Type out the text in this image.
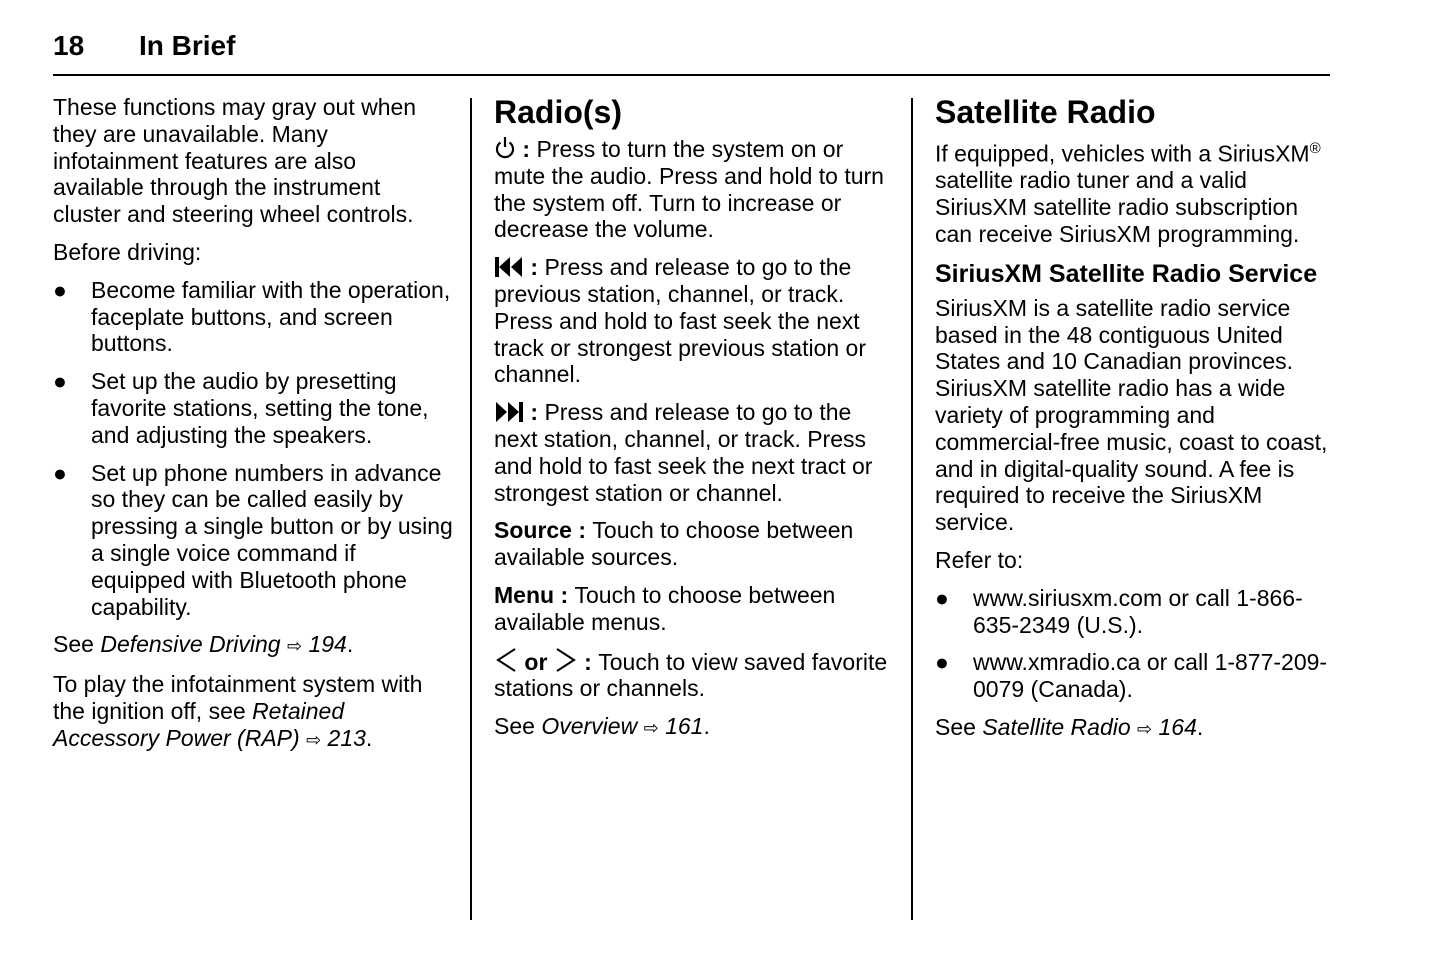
18 In Brief

These functions may gray out when they are unavailable. Many infotainment features are also available through the instrument cluster and steering wheel controls.

Before driving:

● Become familiar with the operation, faceplate buttons, and screen buttons.
● Set up the audio by presetting favorite stations, setting the tone, and adjusting the speakers.
● Set up phone numbers in advance so they can be called easily by pressing a single button or by using a single voice command if equipped with Bluetooth phone capability.

See Defensive Driving ⇨ 194.

To play the infotainment system with the ignition off, see Retained Accessory Power (RAP) ⇨ 213.

Radio(s)

: Press to turn the system on or mute the audio. Press and hold to turn the system off. Turn to increase or decrease the volume.

: Press and release to go to the previous station, channel, or track. Press and hold to fast seek the next track or strongest previous station or channel.

: Press and release to go to the next station, channel, or track. Press and hold to fast seek the next tract or strongest station or channel.

Source : Touch to choose between available sources.

Menu : Touch to choose between available menus.

or  : Touch to view saved favorite stations or channels.

See Overview ⇨ 161.

Satellite Radio

If equipped, vehicles with a SiriusXM® satellite radio tuner and a valid SiriusXM satellite radio subscription can receive SiriusXM programming.

SiriusXM Satellite Radio Service

SiriusXM is a satellite radio service based in the 48 contiguous United States and 10 Canadian provinces. SiriusXM satellite radio has a wide variety of programming and commercial-free music, coast to coast, and in digital-quality sound. A fee is required to receive the SiriusXM service.

Refer to:

● www.siriusxm.com or call 1-866-635-2349 (U.S.).
● www.xmradio.ca or call 1-877-209-0079 (Canada).

See Satellite Radio ⇨ 164.
